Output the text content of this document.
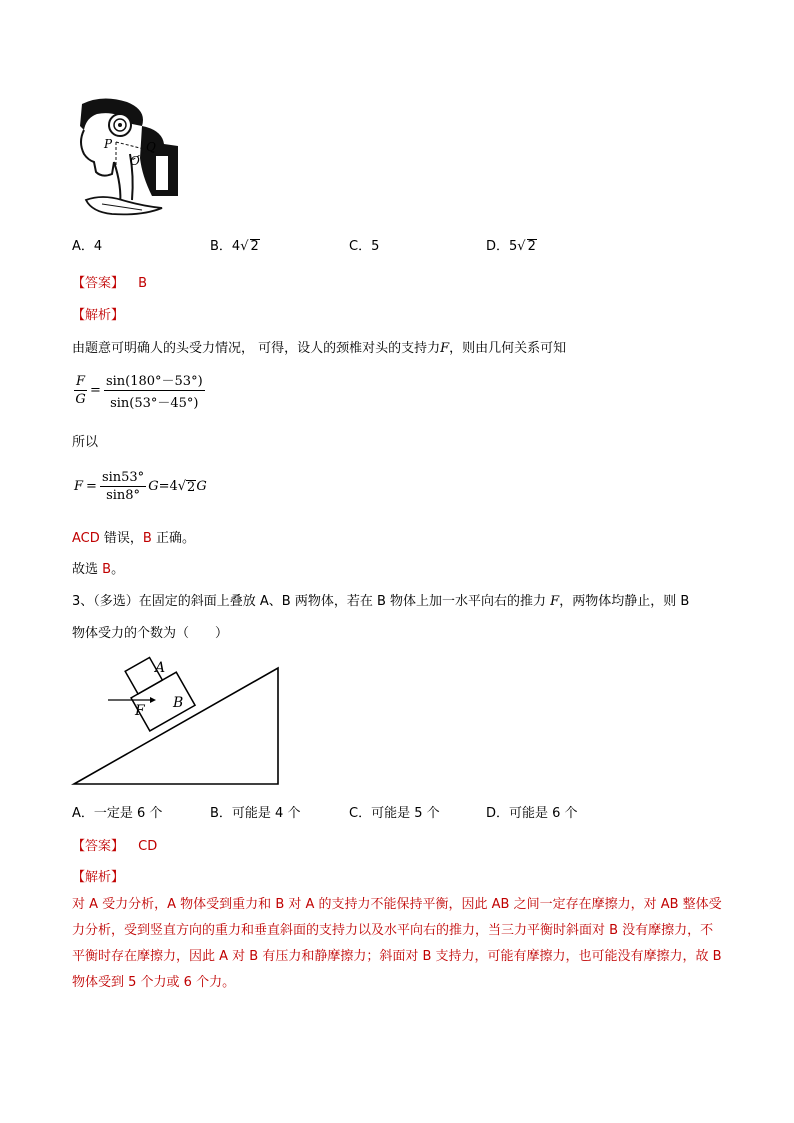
P	Q
O
A．4	B．4√ 2	C．5	D．5√ 2
【答案】 B
【解析】
由题意可明确人的头受力情况， 可得，设人的颈椎对头的支持力F，则由几何关系可知
$\frac{F}{G} = \frac{\sin(180^\circ-53^\circ)}{\sin(53^\circ-45^\circ)}$
所以
$F = \frac{\sin 53^\circ}{\sin 8^\circ}$ G =4 √ 2 G
ACD 错误，B 正确。
故选 B。
3、（多选）在固定的斜面上叠放 A、B 两物体，若在 B 物体上加一水平向右的推力 F，两物体均静止，则 B
物体受力的个数为（　　）
A
B
F
A．一定是 6 个	B．可能是 4 个	C．可能是 5 个	D．可能是 6 个
【答案】 CD
【解析】
对 A 受力分析，A 物体受到重力和 B 对 A 的支持力不能保持平衡，因此 AB 之间一定存在摩擦力，对 AB 整体受力分析，受到竖直方向的重力和垂直斜面的支持力以及水平向右的推力，当三力平衡时斜面对 B 没有摩擦力，不平衡时存在摩擦力，因此 A 对 B 有压力和静摩擦力；斜面对 B 支持力，可能有摩擦力，也可能没有摩擦力，故 B 物体受到 5 个力或 6 个力。
